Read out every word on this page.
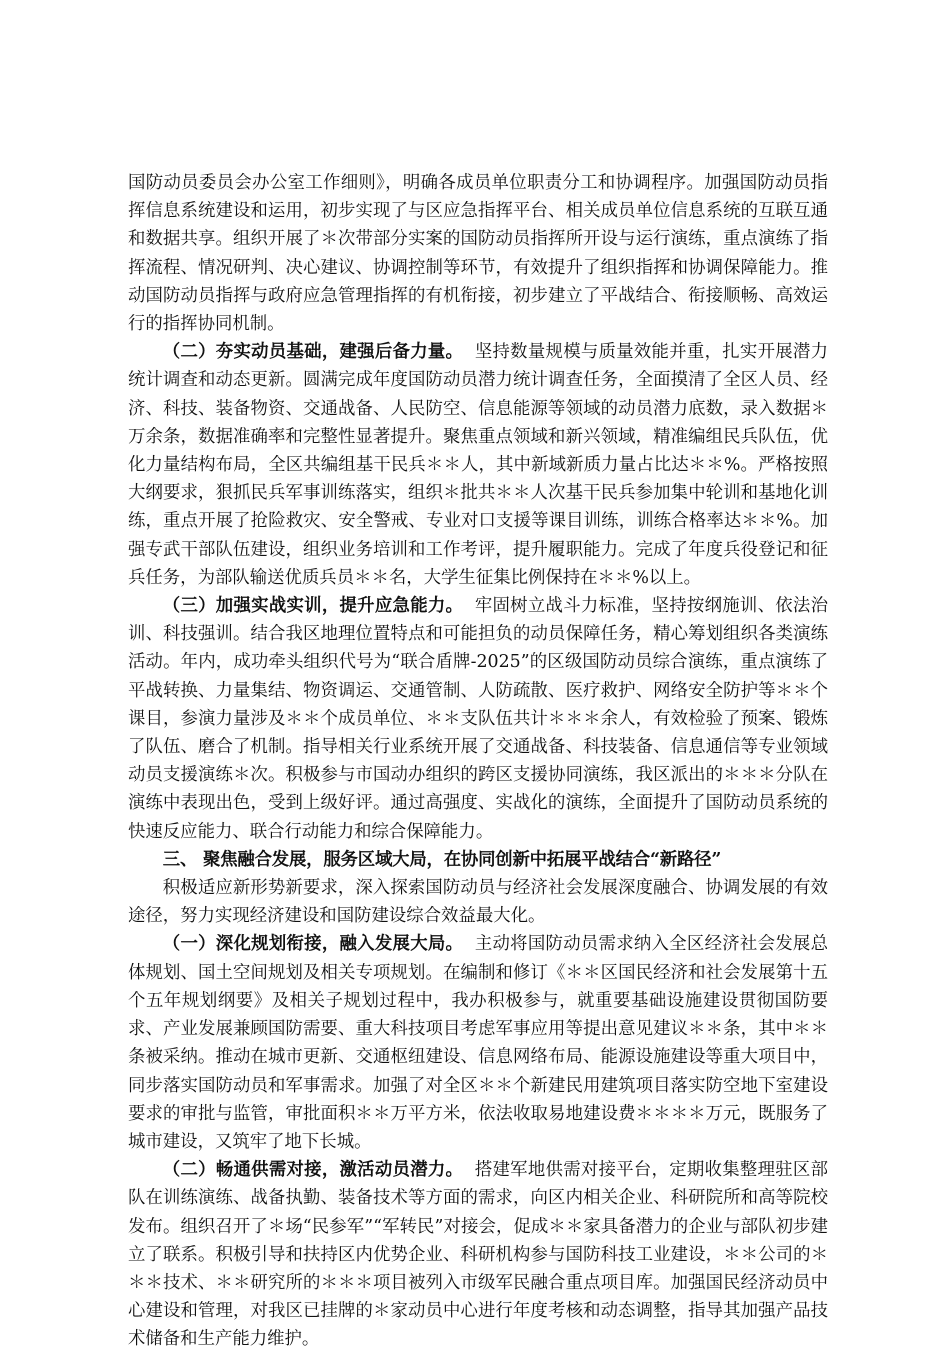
国防动员委员会办公室工作细则》，明确各成员单位职责分工和协调程序。加强国防动员指挥信息系统建设和运用，初步实现了与区应急指挥平台、相关成员单位信息系统的互联互通和数据共享。组织开展了＊次带部分实案的国防动员指挥所开设与运行演练，重点演练了指挥流程、情况研判、决心建议、协调控制等环节，有效提升了组织指挥和协调保障能力。推动国防动员指挥与政府应急管理指挥的有机衔接，初步建立了平战结合、衔接顺畅、高效运行的指挥协同机制。

（二）夯实动员基础，建强后备力量。 坚持数量规模与质量效能并重，扎实开展潜力统计调查和动态更新。圆满完成年度国防动员潜力统计调查任务，全面摸清了全区人员、经济、科技、装备物资、交通战备、人民防空、信息能源等领域的动员潜力底数，录入数据＊万余条，数据准确率和完整性显著提升。聚焦重点领域和新兴领域，精准编组民兵队伍，优化力量结构布局，全区共编组基干民兵＊＊人，其中新域新质力量占比达＊＊%。严格按照大纲要求，狠抓民兵军事训练落实，组织＊批共＊＊人次基干民兵参加集中轮训和基地化训练，重点开展了抢险救灾、安全警戒、专业对口支援等课目训练，训练合格率达＊＊%。加强专武干部队伍建设，组织业务培训和工作考评，提升履职能力。完成了年度兵役登记和征兵任务，为部队输送优质兵员＊＊名，大学生征集比例保持在＊＊%以上。

（三）加强实战实训，提升应急能力。 牢固树立战斗力标准，坚持按纲施训、依法治训、科技强训。结合我区地理位置特点和可能担负的动员保障任务，精心筹划组织各类演练活动。年内，成功牵头组织代号为“联合盾牌-2025”的区级国防动员综合演练，重点演练了平战转换、力量集结、物资调运、交通管制、人防疏散、医疗救护、网络安全防护等＊＊个课目，参演力量涉及＊＊个成员单位、＊＊支队伍共计＊＊＊余人，有效检验了预案、锻炼了队伍、磨合了机制。指导相关行业系统开展了交通战备、科技装备、信息通信等专业领域动员支援演练＊次。积极参与市国动办组织的跨区支援协同演练，我区派出的＊＊＊分队在演练中表现出色，受到上级好评。通过高强度、实战化的演练，全面提升了国防动员系统的快速反应能力、联合行动能力和综合保障能力。

三、 聚焦融合发展，服务区域大局，在协同创新中拓展平战结合“新路径”

积极适应新形势新要求，深入探索国防动员与经济社会发展深度融合、协调发展的有效途径，努力实现经济建设和国防建设综合效益最大化。

（一）深化规划衔接，融入发展大局。 主动将国防动员需求纳入全区经济社会发展总体规划、国土空间规划及相关专项规划。在编制和修订《＊＊区国民经济和社会发展第十五个五年规划纲要》及相关子规划过程中，我办积极参与，就重要基础设施建设贯彻国防要求、产业发展兼顾国防需要、重大科技项目考虑军事应用等提出意见建议＊＊条，其中＊＊条被采纳。推动在城市更新、交通枢纽建设、信息网络布局、能源设施建设等重大项目中，同步落实国防动员和军事需求。加强了对全区＊＊个新建民用建筑项目落实防空地下室建设要求的审批与监管，审批面积＊＊万平方米，依法收取易地建设费＊＊＊＊万元，既服务了城市建设，又筑牢了地下长城。

（二）畅通供需对接，激活动员潜力。 搭建军地供需对接平台，定期收集整理驻区部队在训练演练、战备执勤、装备技术等方面的需求，向区内相关企业、科研院所和高等院校发布。组织召开了＊场“民参军”“军转民”对接会，促成＊＊家具备潜力的企业与部队初步建立了联系。积极引导和扶持区内优势企业、科研机构参与国防科技工业建设，＊＊公司的＊＊＊技术、＊＊研究所的＊＊＊项目被列入市级军民融合重点项目库。加强国民经济动员中心建设和管理，对我区已挂牌的＊家动员中心进行年度考核和动态调整，指导其加强产品技术储备和生产能力维护。
